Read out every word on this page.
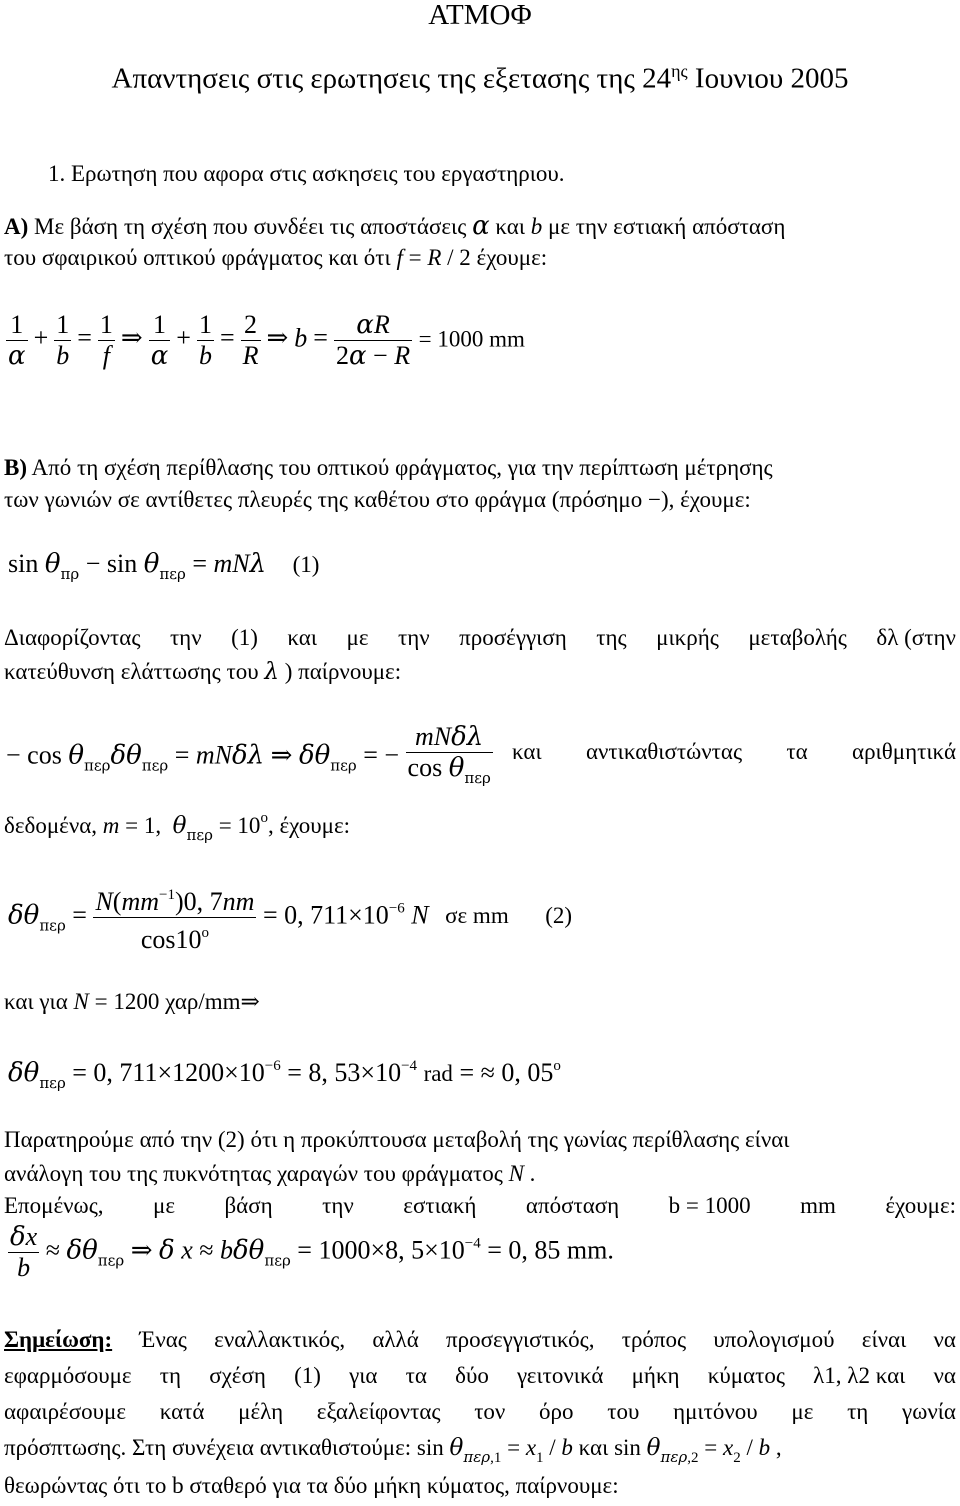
ΑΤΜΟΦ
Απαντησεις στις ερωτησεις της εξετασης της $24^{\eta\varsigma}$ Ιουνιου 2005
1. Ερωτηση που αφορα στις ασκησεις του εργαστηριου.
Α) Με βάση τη σχέση που συνδέει τις αποστάσεις α και b με την εστιακή απόσταση
του σφαιρικού οπτικού φράγματος και ότι f = R / 2 έχουμε:
$\frac{1}{\alpha} + \frac{1}{b} = \frac{1}{f}$ ⇒ $\frac{1}{\alpha} + \frac{1}{b} = \frac{2}{R}$ ⇒ $b = \frac{\alpha R}{2\alpha - R} = 1000$ mm
Β) Από τη σχέση περίθλασης του οπτικού φράγματος, για την περίπτωση μέτρησης
των γωνιών σε αντίθετες πλευρές της καθέτου στο φράγμα (πρόσημο −), έχουμε:
$\sin \theta_{\pi\rho} - \sin \theta_{\pi\varepsilon\rho} = mN\lambda$ (1)
Διαφορίζοντας την (1) και με την προσέγγιση της μικρής μεταβολής δλ (στην
κατεύθυνση ελάττωσης του λ ) παίρνουμε:
− $\cos \theta_{\pi\varepsilon\rho}\delta\theta_{\pi\varepsilon\rho} = mN\delta\lambda$ ⇒ $\delta\theta_{\pi\varepsilon\rho}$ = − $\frac{\text{mNδλ}}{\cos \theta_{\pi\varepsilon\rho}}$ και αντικαθιστώντας τα αριθμητικά
δεδομένα, m = 1,  $\theta_{\pi\varepsilon\rho} = 10^o$, έχουμε:
$\delta\theta_{\pi\varepsilon\rho} = \frac{N(mm^{-1})0, 7nm}{\cos 10^o} = 0$, $711\times 10^{-6}$ N σε mm (2)
και για N = 1200 χαρ/mm⇒
$\delta\theta_{\pi\varepsilon\rho} = 0$, $711\times 1200\times 10^{-6} = 8$, $53\times 10^{-4}$ rad = ≈ 0, $05^o$
Παρατηρούμε από την (2) ότι η προκύπτουσα μεταβολή της γωνίας περίθλασης είναι
ανάλογη του της πυκνότητας χαραγών του φράγματος N .
Επομένως, με βάση την εστιακή απόσταση b = 1000 mm έχουμε:
$\frac{\delta x}{b} \approx \delta\theta_{\pi\varepsilon\rho}$ ⇒ δ x ≈ bδθ$_{\pi\varepsilon\rho}$ = 1000×8, $5\times 10^{-4} = 0$, 85 mm.
Σημείωση: Ένας εναλλακτικός, αλλά προσεγγιστικός, τρόπος υπολογισμού είναι να
εφαρμόσουμε τη σχέση (1) για τα δύο γειτονικά μήκη κύματος λ1, λ2 και να
αφαιρέσουμε κατά μέλη εξαλείφοντας τον όρο του ημιτόνου με τη γωνία
πρόσπτωσης. Στη συνέχεια αντικαθιστούμε: $\sin \theta_{\pi\varepsilon\rho,1} = x_1 / b$ και $\sin \theta_{\pi\varepsilon\rho,2} = x_2 / b$ ,
θεωρώντας ότι το b σταθερό για τα δύο μήκη κύματος, παίρνουμε:
